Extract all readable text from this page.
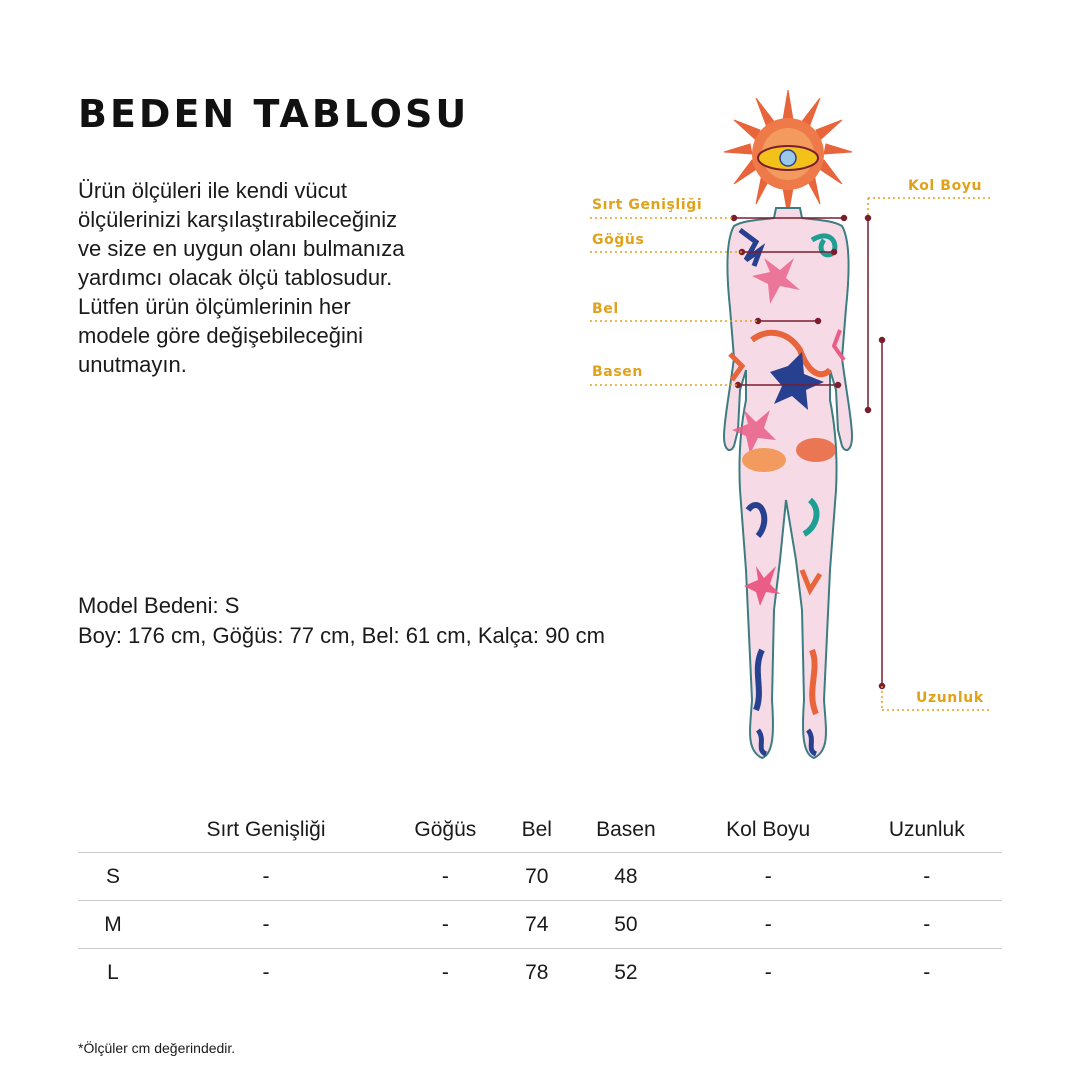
BEDEN TABLOSU
Ürün ölçüleri ile kendi vücut
ölçülerinizi karşılaştırabileceğiniz
ve size en uygun olanı bulmanıza
yardımcı olacak ölçü tablosudur.
Lütfen ürün ölçümlerinin her
modele göre değişebileceğini
unutmayın.
Model Bedeni: S
Boy: 176 cm, Göğüs: 77 cm, Bel: 61 cm, Kalça: 90 cm
Sırt Genişliği
Göğüs
Bel
Basen
Kol Boyu
Uzunluk
	Sırt Genişliği	Göğüs	Bel	Basen	Kol Boyu	Uzunluk
S	-	-	70	48	-	-
M	-	-	74	50	-	-
L	-	-	78	52	-	-
*Ölçüler cm değerindedir.
